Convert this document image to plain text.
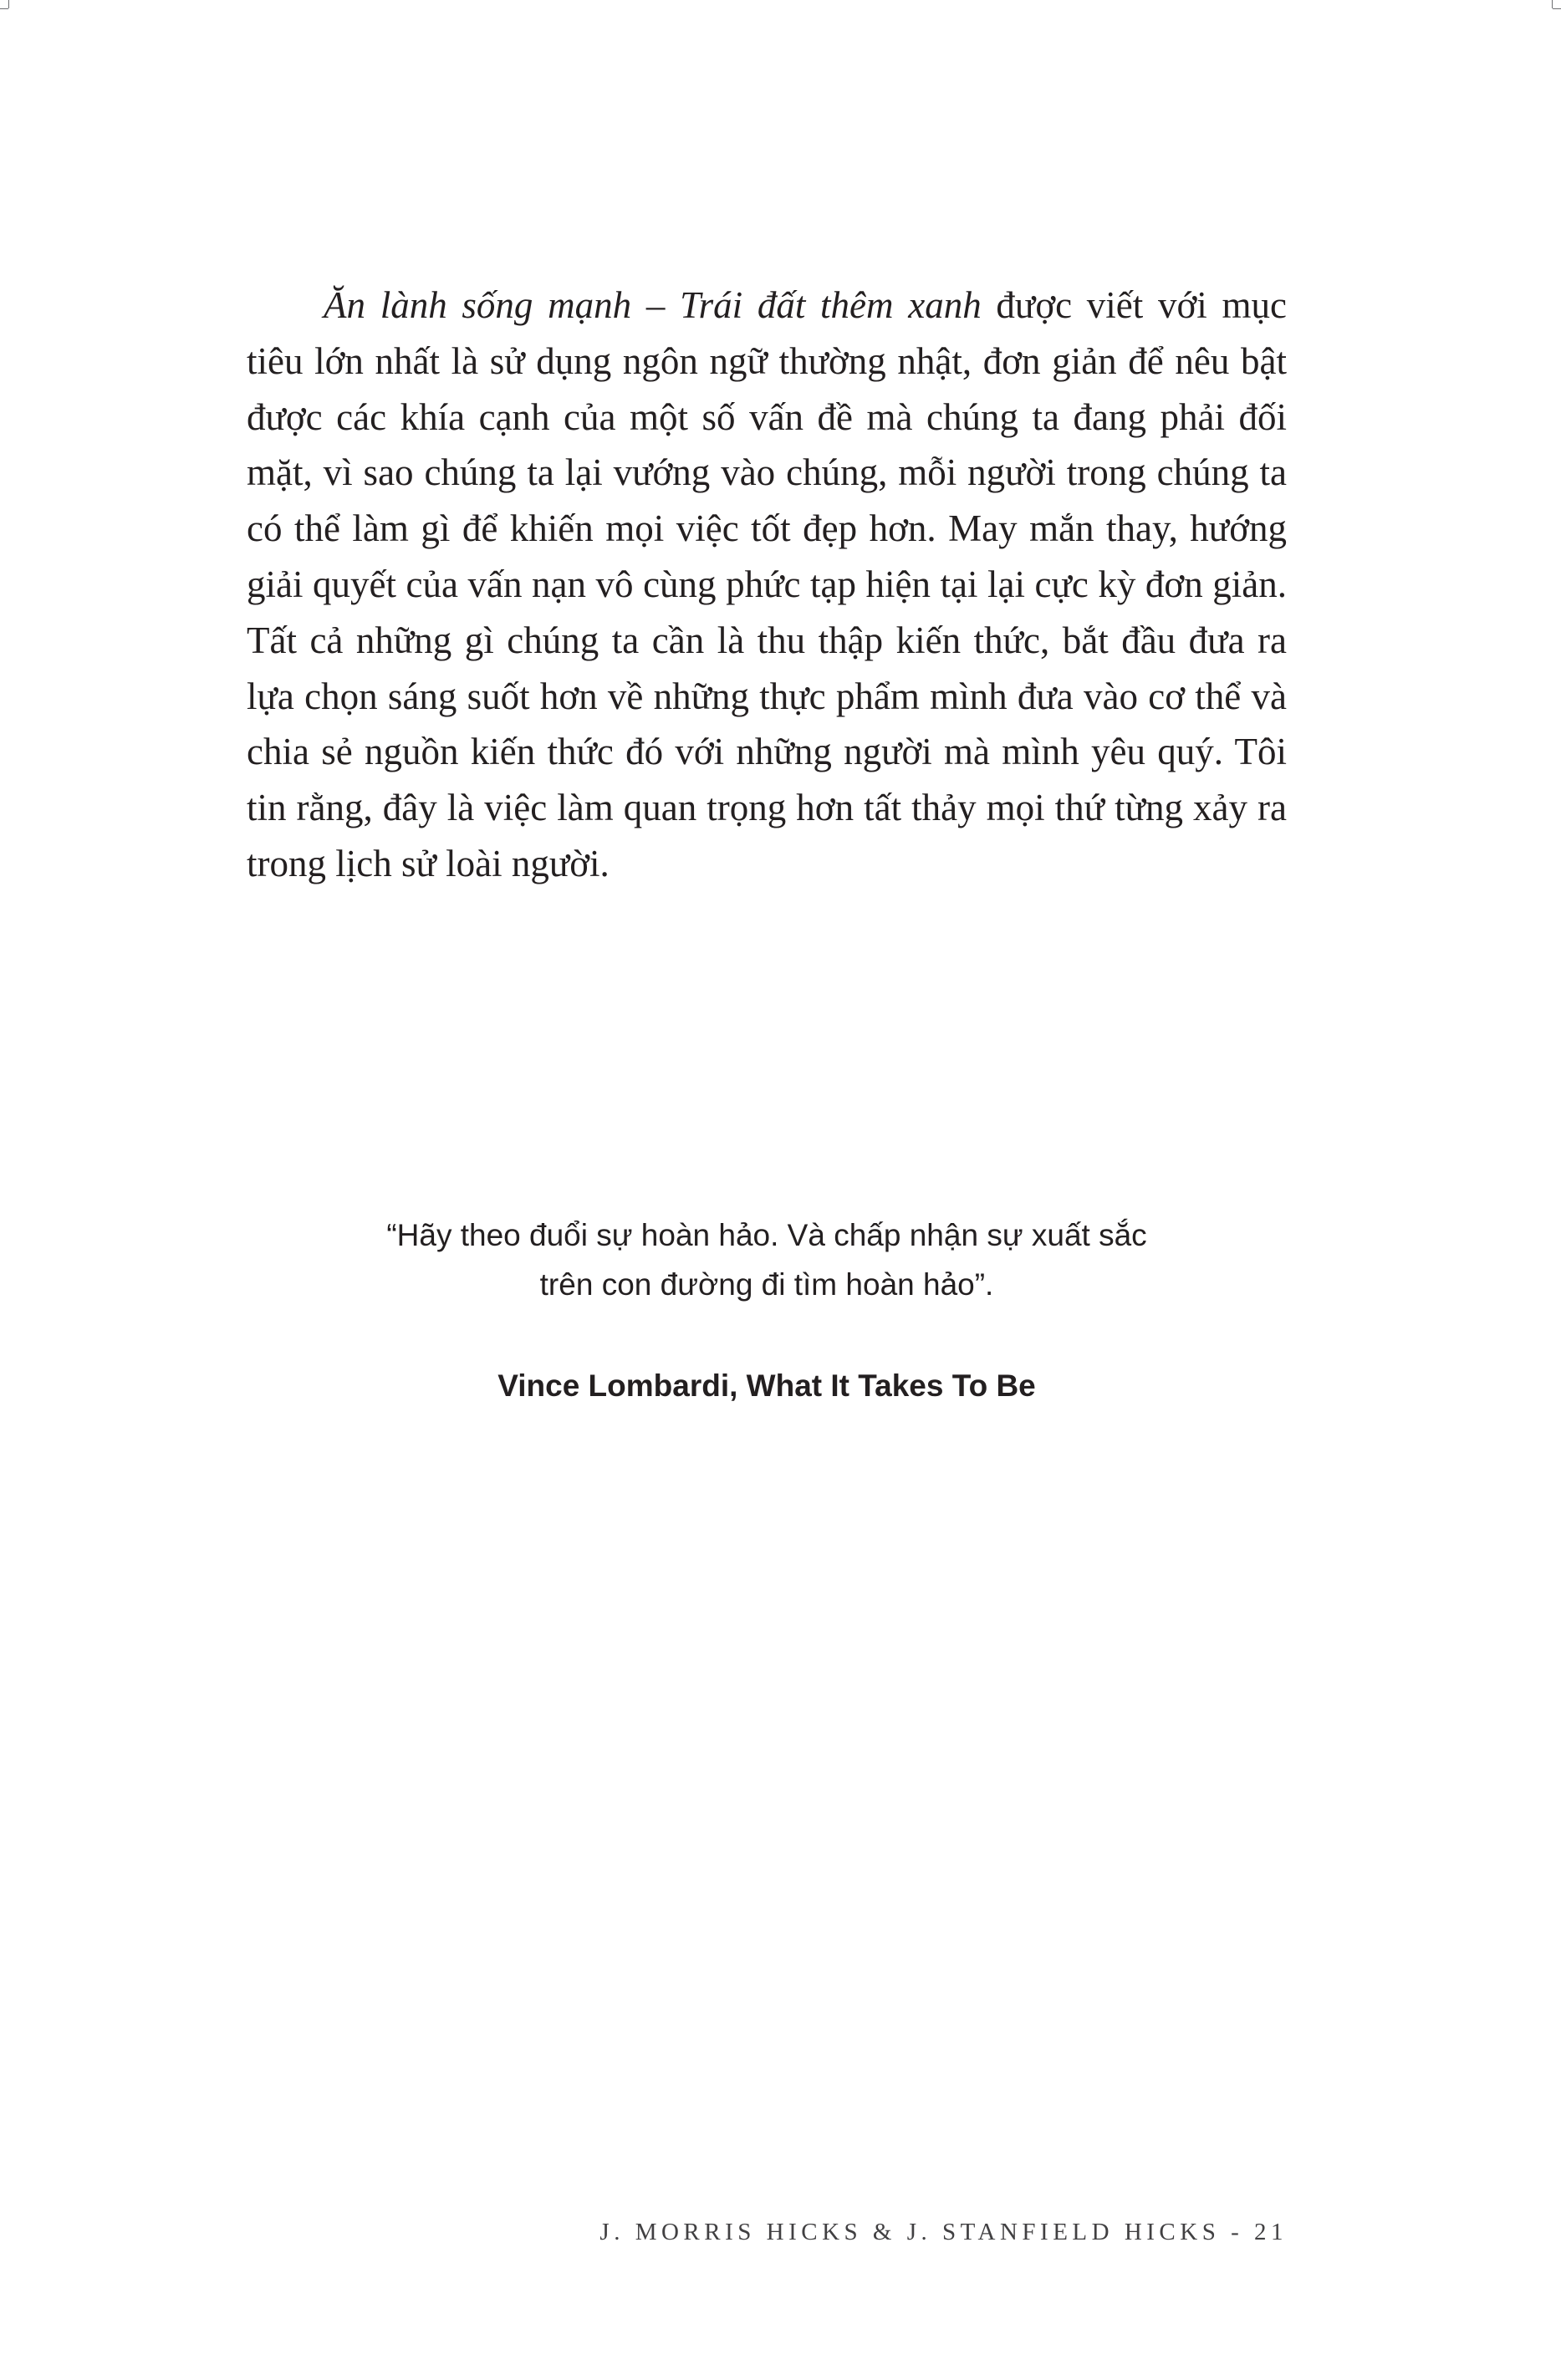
Ăn lành sống mạnh – Trái đất thêm xanh được viết với mục tiêu lớn nhất là sử dụng ngôn ngữ thường nhật, đơn giản để nêu bật được các khía cạnh của một số vấn đề mà chúng ta đang phải đối mặt, vì sao chúng ta lại vướng vào chúng, mỗi người trong chúng ta có thể làm gì để khiến mọi việc tốt đẹp hơn. May mắn thay, hướng giải quyết của vấn nạn vô cùng phức tạp hiện tại lại cực kỳ đơn giản. Tất cả những gì chúng ta cần là thu thập kiến thức, bắt đầu đưa ra lựa chọn sáng suốt hơn về những thực phẩm mình đưa vào cơ thể và chia sẻ nguồn kiến thức đó với những người mà mình yêu quý. Tôi tin rằng, đây là việc làm quan trọng hơn tất thảy mọi thứ từng xảy ra trong lịch sử loài người.

“Hãy theo đuổi sự hoàn hảo. Và chấp nhận sự xuất sắc
trên con đường đi tìm hoàn hảo”.

Vince Lombardi, What It Takes To Be

J. MORRIS HICKS & J. STANFIELD HICKS - 21
